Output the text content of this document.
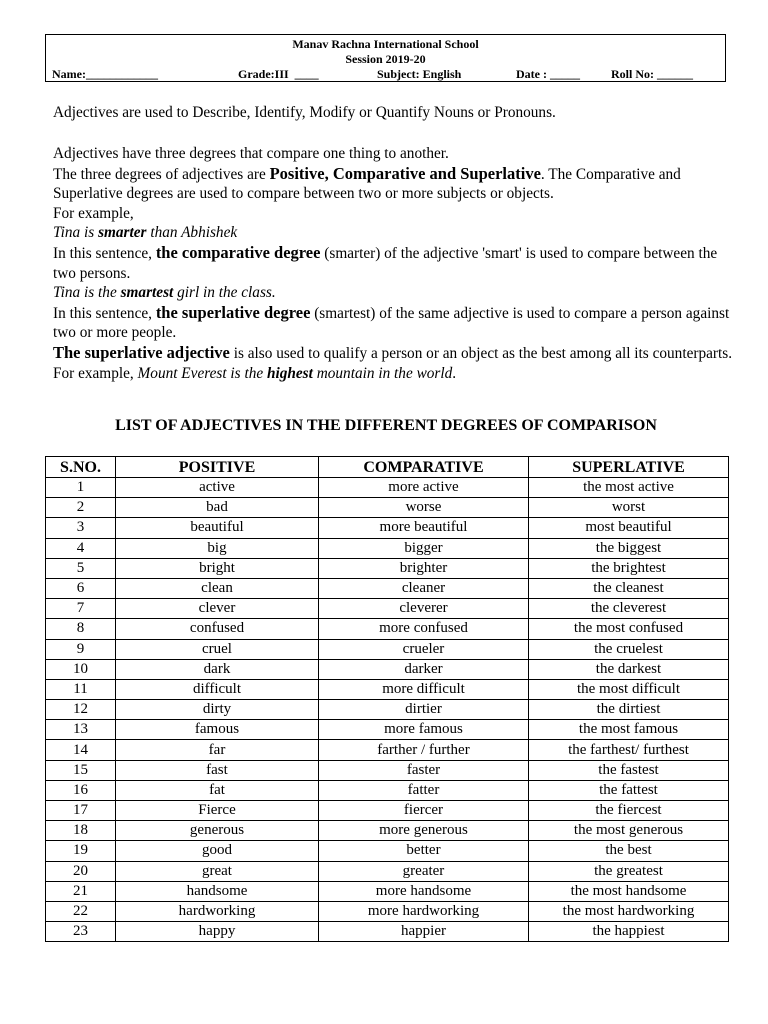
Manav Rachna International School
Session 2019-20
Name:____________	Grade:III  ____	Subject: English	Date : _____	Roll No: ______
Adjectives are used to Describe, Identify, Modify or Quantify Nouns or Pronouns.
Adjectives have three degrees that compare one thing to another.
The three degrees of adjectives are Positive, Comparative and Superlative. The Comparative and Superlative degrees are used to compare between two or more subjects or objects.
For example,
Tina is smarter than Abhishek
In this sentence, the comparative degree (smarter) of the adjective 'smart' is used to compare between the two persons.
Tina is the smartest girl in the class.
In this sentence, the superlative degree (smartest) of the same adjective is used to compare a person against two or more people.
The superlative adjective is also used to qualify a person or an object as the best among all its counterparts. For example, Mount Everest is the highest mountain in the world.
LIST OF ADJECTIVES IN THE DIFFERENT DEGREES OF COMPARISON
S.NO.	POSITIVE	COMPARATIVE	SUPERLATIVE
1	active	more active	the most active
2	bad	worse	worst
3	beautiful	more beautiful	most beautiful
4	big	bigger	the biggest
5	bright	brighter	the brightest
6	clean	cleaner	the cleanest
7	clever	cleverer	the cleverest
8	confused	more confused	the most confused
9	cruel	crueler	the cruelest
10	dark	darker	the darkest
11	difficult	more difficult	the most difficult
12	dirty	dirtier	the dirtiest
13	famous	more famous	the most famous
14	far	farther / further	the farthest/ furthest
15	fast	faster	the fastest
16	fat	fatter	the fattest
17	Fierce	fiercer	the fiercest
18	generous	more generous	the most generous
19	good	better	the best
20	great	greater	the greatest
21	handsome	more handsome	the most handsome
22	hardworking	more hardworking	the most hardworking
23	happy	happier	the happiest
